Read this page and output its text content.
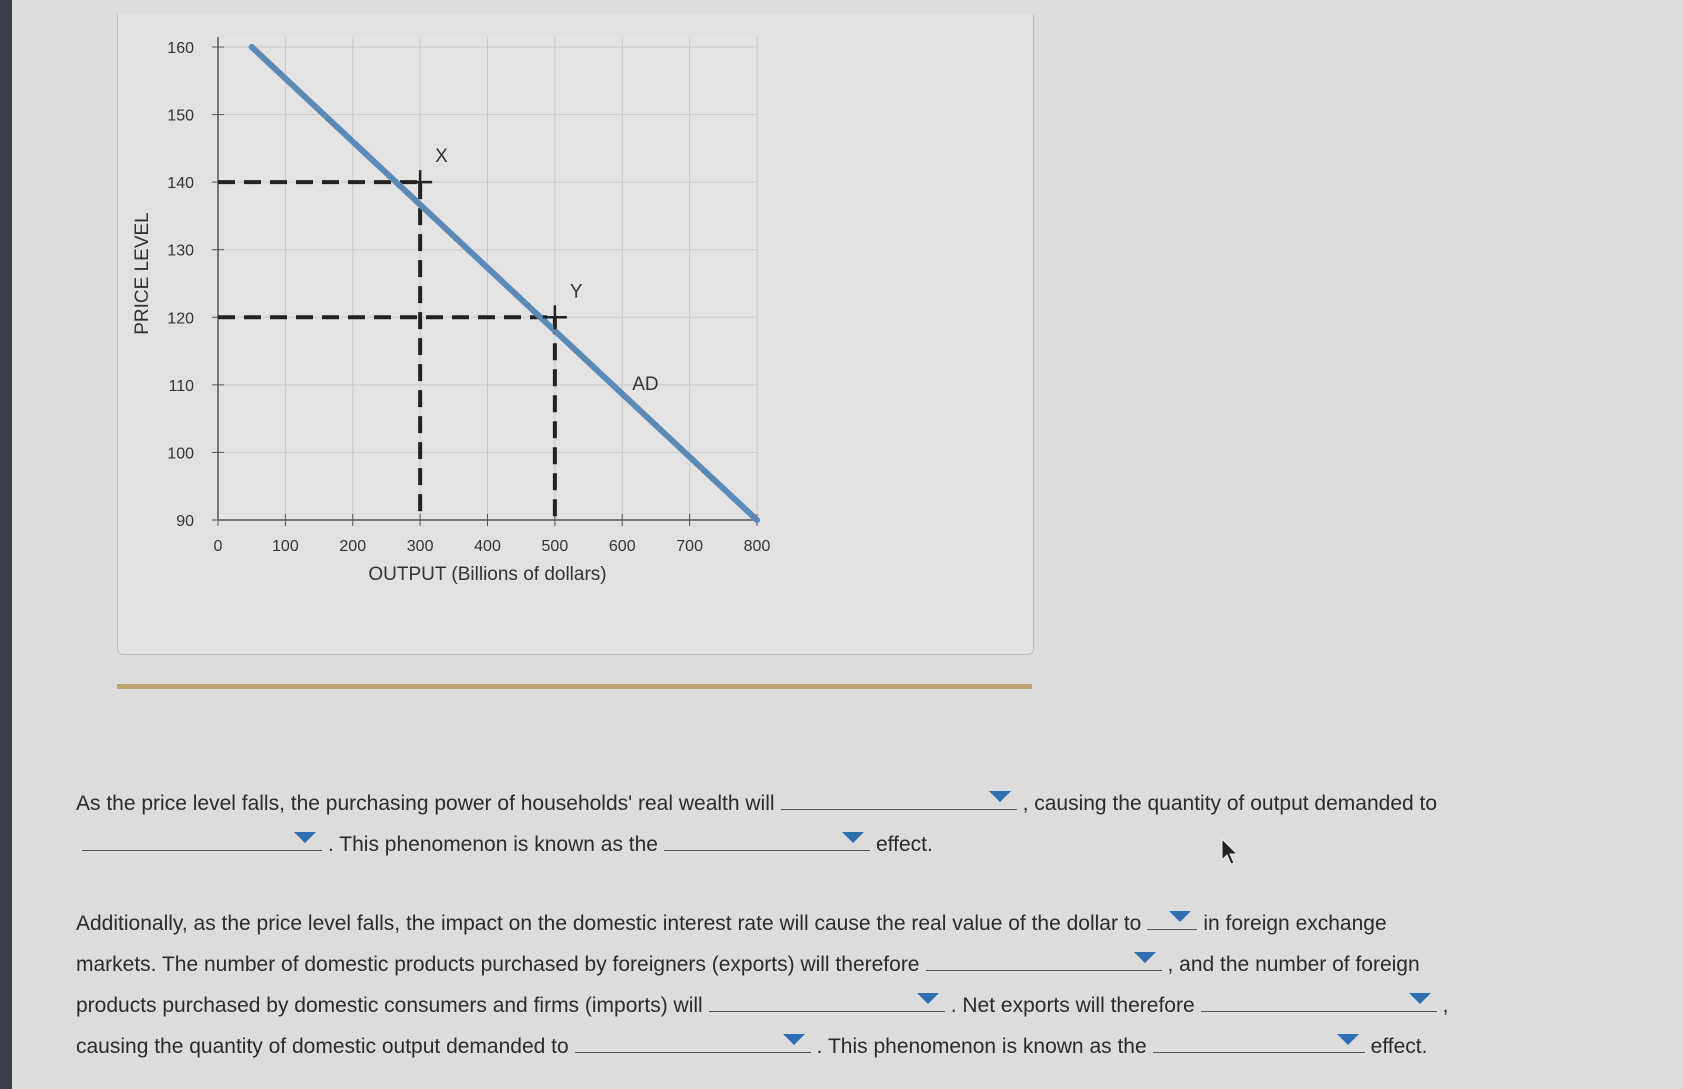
90
100
110
120
130
140
150
160
0	100	200	300	400	500	600	700	800
PRICE LEVEL
OUTPUT (Billions of dollars)
AD
X
Y
As the price level falls, the purchasing power of households' real wealth will	, causing the quantity of output demanded to
. This phenomenon is known as the	effect.
Additionally, as the price level falls, the impact on the domestic interest rate will cause the real value of the dollar to	in foreign exchange
markets. The number of domestic products purchased by foreigners (exports) will therefore	, and the number of foreign
products purchased by domestic consumers and firms (imports) will	. Net exports will therefore	,
causing the quantity of domestic output demanded to	. This phenomenon is known as the	effect.
